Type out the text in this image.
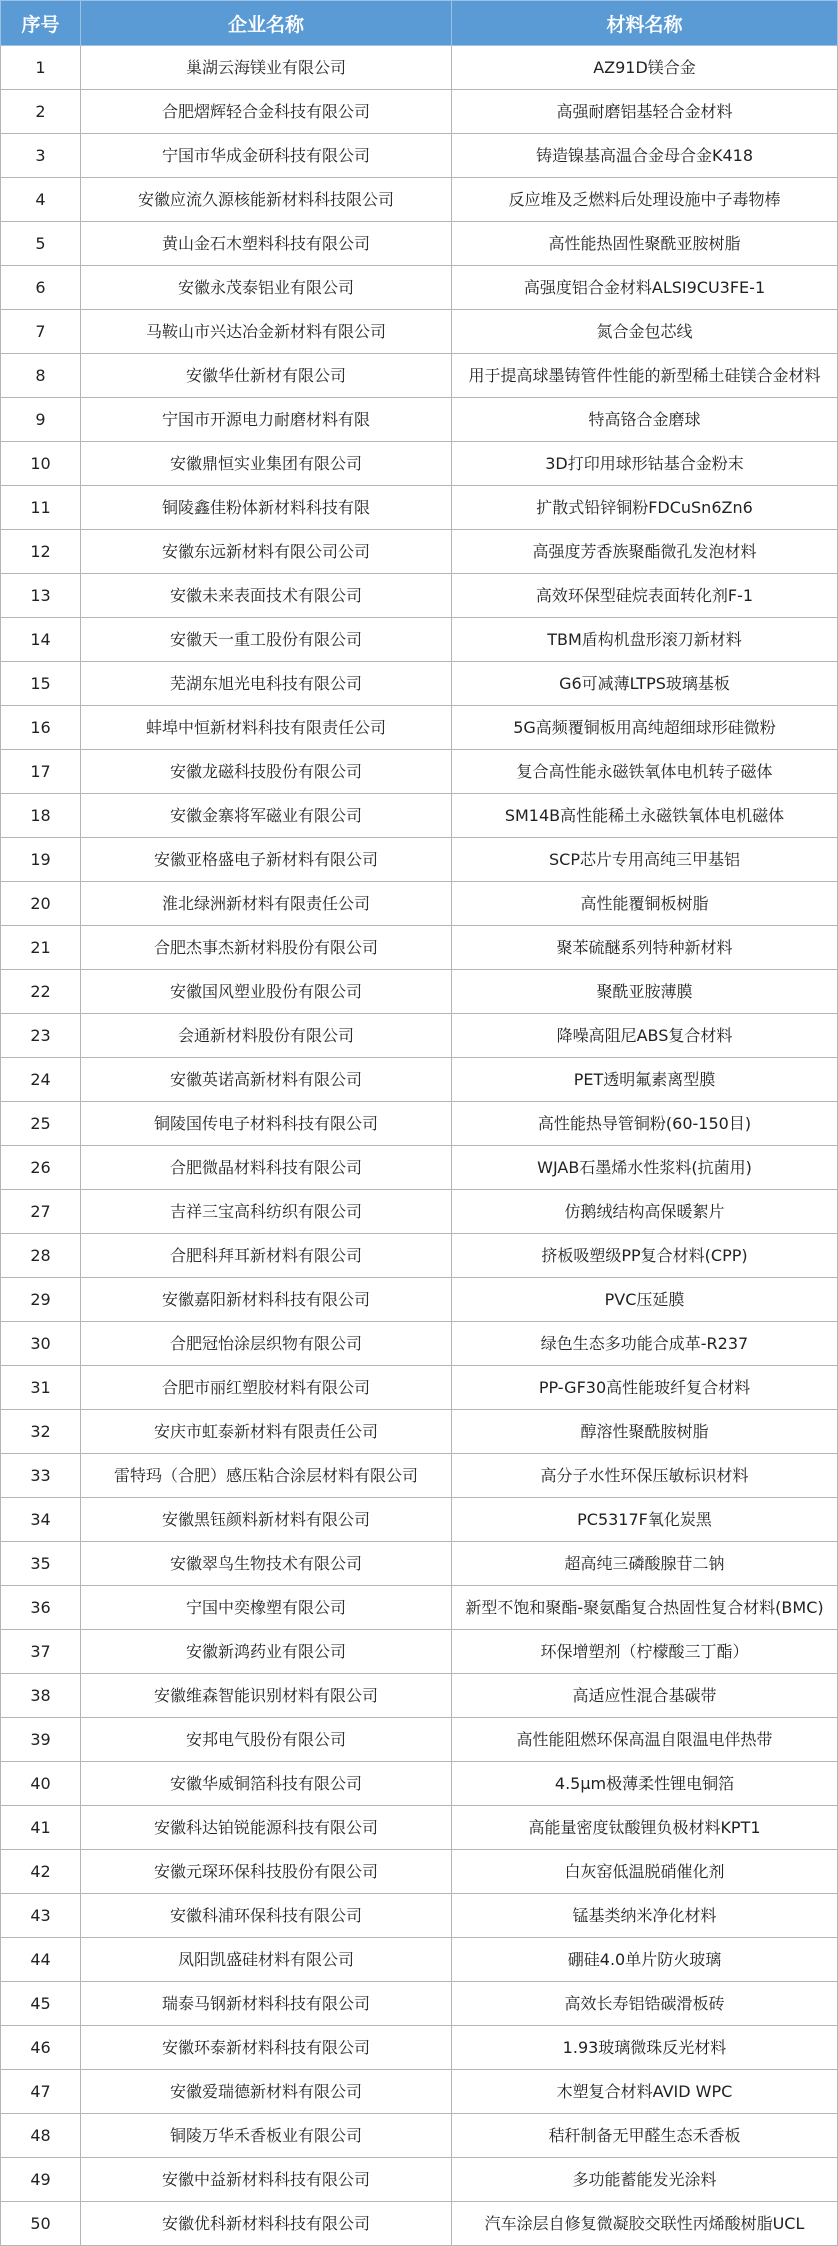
序号	企业名称	材料名称
1	巢湖云海镁业有限公司	AZ91D镁合金
2	合肥熠辉轻合金科技有限公司	高强耐磨铝基轻合金材料
3	宁国市华成金研科技有限公司	铸造镍基高温合金母合金K418
4	安徽应流久源核能新材料科技限公司	反应堆及乏燃料后处理设施中子毒物棒
5	黄山金石木塑料科技有限公司	高性能热固性聚酰亚胺树脂
6	安徽永茂泰铝业有限公司	高强度铝合金材料ALSI9CU3FE-1
7	马鞍山市兴达冶金新材料有限公司	氮合金包芯线
8	安徽华仕新材有限公司	用于提高球墨铸管件性能的新型稀土硅镁合金材料
9	宁国市开源电力耐磨材料有限	特高铬合金磨球
10	安徽鼎恒实业集团有限公司	3D打印用球形钴基合金粉末
11	铜陵鑫佳粉体新材料科技有限	扩散式铅锌铜粉FDCuSn6Zn6
12	安徽东远新材料有限公司公司	高强度芳香族聚酯微孔发泡材料
13	安徽未来表面技术有限公司	高效环保型硅烷表面转化剂F-1
14	安徽天一重工股份有限公司	TBM盾构机盘形滚刀新材料
15	芜湖东旭光电科技有限公司	G6可减薄LTPS玻璃基板
16	蚌埠中恒新材料科技有限责任公司	5G高频覆铜板用高纯超细球形硅微粉
17	安徽龙磁科技股份有限公司	复合高性能永磁铁氧体电机转子磁体
18	安徽金寨将军磁业有限公司	SM14B高性能稀土永磁铁氧体电机磁体
19	安徽亚格盛电子新材料有限公司	SCP芯片专用高纯三甲基铝
20	淮北绿洲新材料有限责任公司	高性能覆铜板树脂
21	合肥杰事杰新材料股份有限公司	聚苯硫醚系列特种新材料
22	安徽国风塑业股份有限公司	聚酰亚胺薄膜
23	会通新材料股份有限公司	降噪高阻尼ABS复合材料
24	安徽英诺高新材料有限公司	PET透明氟素离型膜
25	铜陵国传电子材料科技有限公司	高性能热导管铜粉(60-150目)
26	合肥微晶材料科技有限公司	WJAB石墨烯水性浆料(抗菌用)
27	吉祥三宝高科纺织有限公司	仿鹅绒结构高保暖絮片
28	合肥科拜耳新材料有限公司	挤板吸塑级PP复合材料(CPP)
29	安徽嘉阳新材料科技有限公司	PVC压延膜
30	合肥冠怡涂层织物有限公司	绿色生态多功能合成革-R237
31	合肥市丽红塑胶材料有限公司	PP-GF30高性能玻纤复合材料
32	安庆市虹泰新材料有限责任公司	醇溶性聚酰胺树脂
33	雷特玛（合肥）感压粘合涂层材料有限公司	高分子水性环保压敏标识材料
34	安徽黑钰颜料新材料有限公司	PC5317F氧化炭黑
35	安徽翠鸟生物技术有限公司	超高纯三磷酸腺苷二钠
36	宁国中奕橡塑有限公司	新型不饱和聚酯-聚氨酯复合热固性复合材料(BMC)
37	安徽新鸿药业有限公司	环保增塑剂（柠檬酸三丁酯）
38	安徽维森智能识别材料有限公司	高适应性混合基碳带
39	安邦电气股份有限公司	高性能阻燃环保高温自限温电伴热带
40	安徽华威铜箔科技有限公司	4.5μm极薄柔性锂电铜箔
41	安徽科达铂锐能源科技有限公司	高能量密度钛酸锂负极材料KPT1
42	安徽元琛环保科技股份有限公司	白灰窑低温脱硝催化剂
43	安徽科浦环保科技有限公司	锰基类纳米净化材料
44	凤阳凯盛硅材料有限公司	硼硅4.0单片防火玻璃
45	瑞泰马钢新材料科技有限公司	高效长寿铝锆碳滑板砖
46	安徽环泰新材料科技有限公司	1.93玻璃微珠反光材料
47	安徽爱瑞德新材料有限公司	木塑复合材料AVID WPC
48	铜陵万华禾香板业有限公司	秸秆制备无甲醛生态禾香板
49	安徽中益新材料科技有限公司	多功能蓄能发光涂料
50	安徽优科新材料科技有限公司	汽车涂层自修复微凝胶交联性丙烯酸树脂UCL
